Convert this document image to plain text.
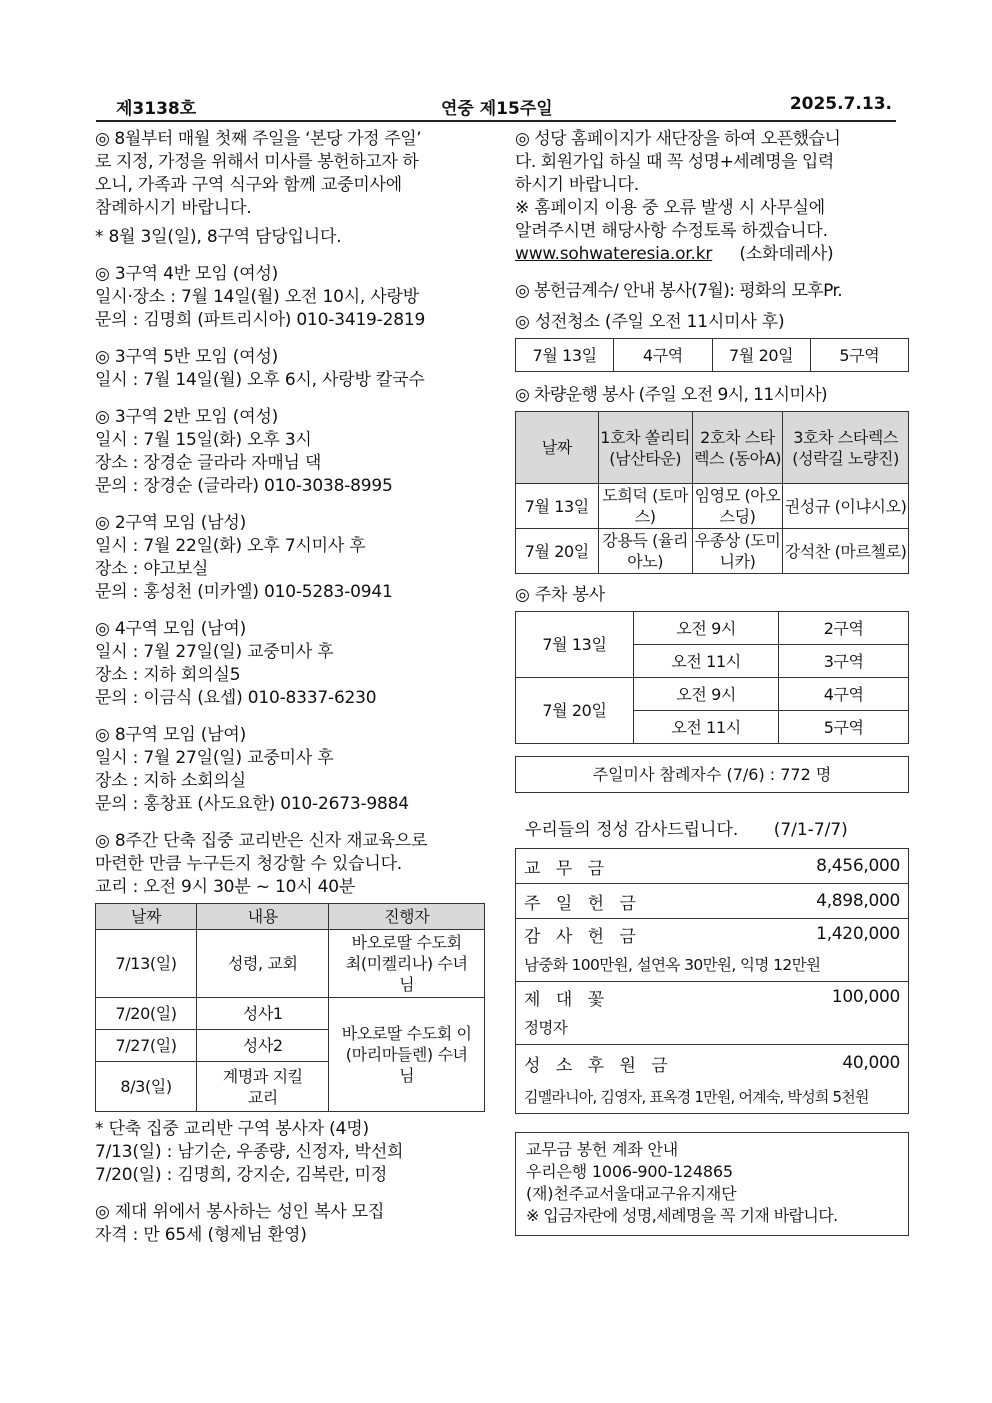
제3138호	연중 제15주일	2025.7.13.
◎ 8월부터 매월 첫째 주일을 ‘본당 가정 주일’
로 지정, 가정을 위해서 미사를 봉헌하고자 하
오니, 가족과 구역 식구와 함께 교중미사에
참례하시기 바랍니다.
* 8월 3일(일), 8구역 담당입니다.
◎ 3구역 4반 모임 (여성)
일시·장소 : 7월 14일(월) 오전 10시, 사랑방
문의 : 김명희 (파트리시아) 010-3419-2819
◎ 3구역 5반 모임 (여성)
일시 : 7월 14일(월) 오후 6시, 사랑방 칼국수
◎ 3구역 2반 모임 (여성)
일시 : 7월 15일(화) 오후 3시
장소 : 장경순 글라라 자매님 댁
문의 : 장경순 (글라라) 010-3038-8995
◎ 2구역 모임 (남성)
일시 : 7월 22일(화) 오후 7시미사 후
장소 : 야고보실
문의 : 홍성천 (미카엘) 010-5283-0941
◎ 4구역 모임 (남여)
일시 : 7월 27일(일) 교중미사 후
장소 : 지하 회의실5
문의 : 이금식 (요셉) 010-8337-6230
◎ 8구역 모임 (남여)
일시 : 7월 27일(일) 교중미사 후
장소 : 지하 소회의실
문의 : 홍창표 (사도요한) 010-2673-9884
◎ 8주간 단축 집중 교리반은 신자 재교육으로
마련한 만큼 누구든지 청강할 수 있습니다.
교리 : 오전 9시 30분 ~ 10시 40분
날짜	내용	진행자
7/13(일)	성령, 교회	바오로딸 수도회 최(미켈리나) 수녀님
7/20(일)	성사1	바오로딸 수도회 이(마리마들렌) 수녀님
7/27(일)	성사2	
8/3(일)	계명과 지킬 교리	
* 단축 집중 교리반 구역 봉사자 (4명)
7/13(일) : 남기순, 우종량, 신정자, 박선희
7/20(일) : 김명희, 강지순, 김복란, 미정
◎ 제대 위에서 봉사하는 성인 복사 모집
자격 : 만 65세 (형제님 환영)
◎ 성당 홈페이지가 새단장을 하여 오픈했습니
다. 회원가입 하실 때 꼭 성명+세례명을 입력
하시기 바랍니다.
※ 홈페이지 이용 중 오류 발생 시 사무실에
알려주시면 해당사항 수정토록 하겠습니다.
www.sohwateresia.or.kr (소화데레사)
◎ 봉헌금계수/ 안내 봉사(7월): 평화의 모후Pr.
◎ 성전청소 (주일 오전 11시미사 후)
7월 13일	4구역	7월 20일	5구역
◎ 차량운행 봉사 (주일 오전 9시, 11시미사)
날짜	1호차 쏠리티 (남산타운)	2호차 스타렉스 (동아A)	3호차 스타렉스 (성락길 노량진)
7월 13일	도희덕 (토마스)	임영모 (아오스딩)	권성규 (이냐시오)
7월 20일	강용득 (율리아노)	우종상 (도미니카)	강석찬 (마르첼로)
◎ 주차 봉사
7월 13일	오전 9시	2구역
	오전 11시	3구역
7월 20일	오전 9시	4구역
	오전 11시	5구역
주일미사 참례자수 (7/6) : 772 명
우리들의 정성 감사드립니다. (7/1-7/7)
교 무 금	8,456,000
주 일 헌 금	4,898,000
감 사 헌 금	1,420,000
남중화 100만원, 설연옥 30만원, 익명 12만원
제 대 꽃	100,000
정명자
성 소 후 원 금	40,000
김멜라니아, 김영자, 표옥경 1만원, 어계숙, 박성희 5천원
교무금 봉헌 계좌 안내
우리은행 1006-900-124865
(재)천주교서울대교구유지재단
※ 입금자란에 성명,세례명을 꼭 기재 바랍니다.
